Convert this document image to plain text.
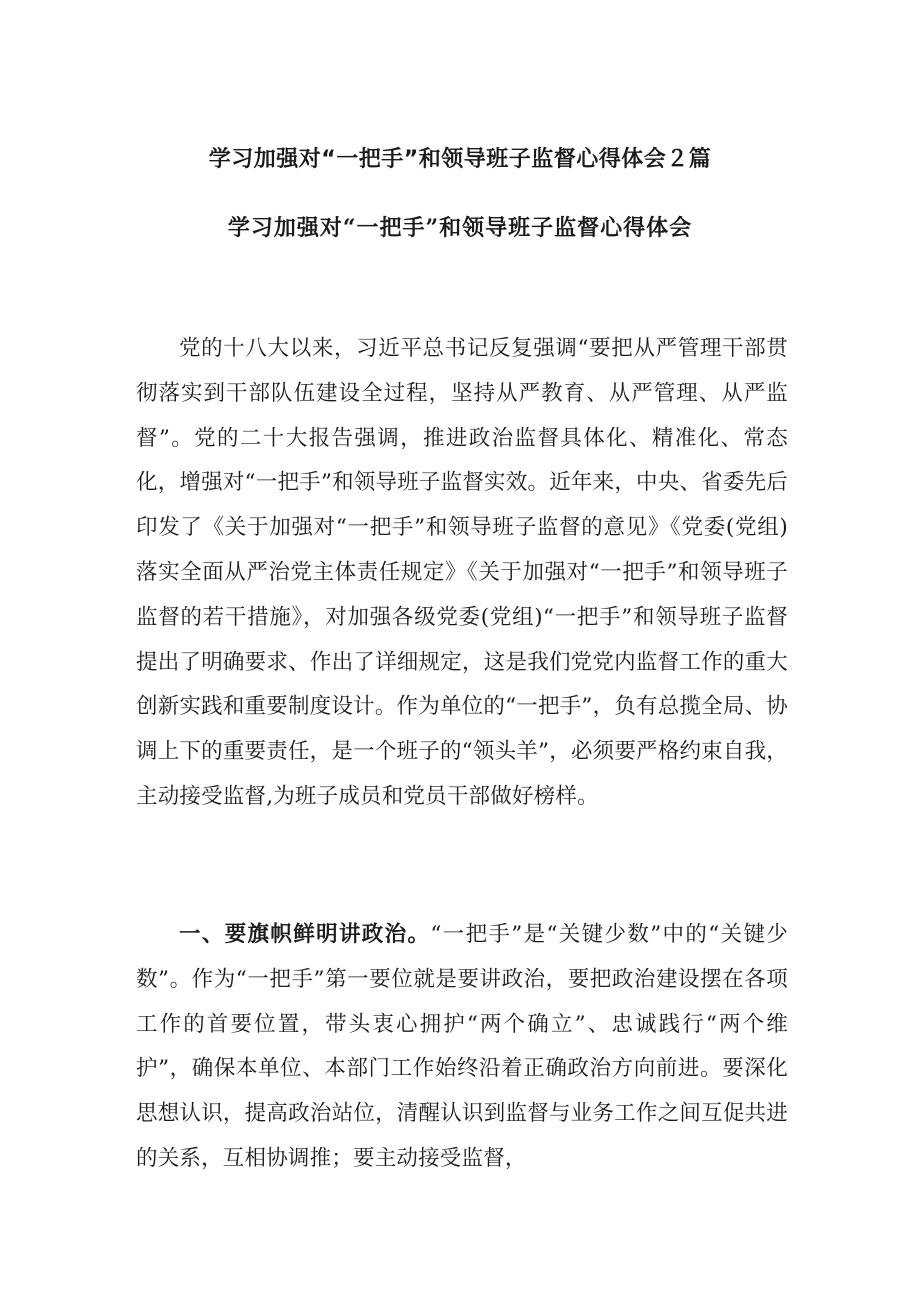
学习加强对“一把手”和领导班子监督心得体会２篇
学习加强对“一把手”和领导班子监督心得体会

党的十八大以来，习近平总书记反复强调“要把从严管理干部贯彻落实到干部队伍建设全过程，坚持从严教育、从严管理、从严监督”。党的二十大报告强调，推进政治监督具体化、精准化、常态化，增强对“一把手”和领导班子监督实效。近年来，中央、省委先后印发了《关于加强对“一把手”和领导班子监督的意见》《党委(党组)落实全面从严治党主体责任规定》《关于加强对“一把手”和领导班子监督的若干措施》，对加强各级党委(党组)“一把手”和领导班子监督提出了明确要求、作出了详细规定，这是我们党党内监督工作的重大创新实践和重要制度设计。作为单位的“一把手”，负有总揽全局、协调上下的重要责任，是一个班子的“领头羊”，必须要严格约束自我，主动接受监督,为班子成员和党员干部做好榜样。

一、要旗帜鲜明讲政治。“一把手”是“关键少数”中的“关键少数”。作为“一把手”第一要位就是要讲政治，要把政治建设摆在各项工作的首要位置，带头衷心拥护“两个确立”、忠诚践行“两个维护”，确保本单位、本部门工作始终沿着正确政治方向前进。要深化思想认识，提高政治站位，清醒认识到监督与业务工作之间互促共进的关系，互相协调推；要主动接受监督，
